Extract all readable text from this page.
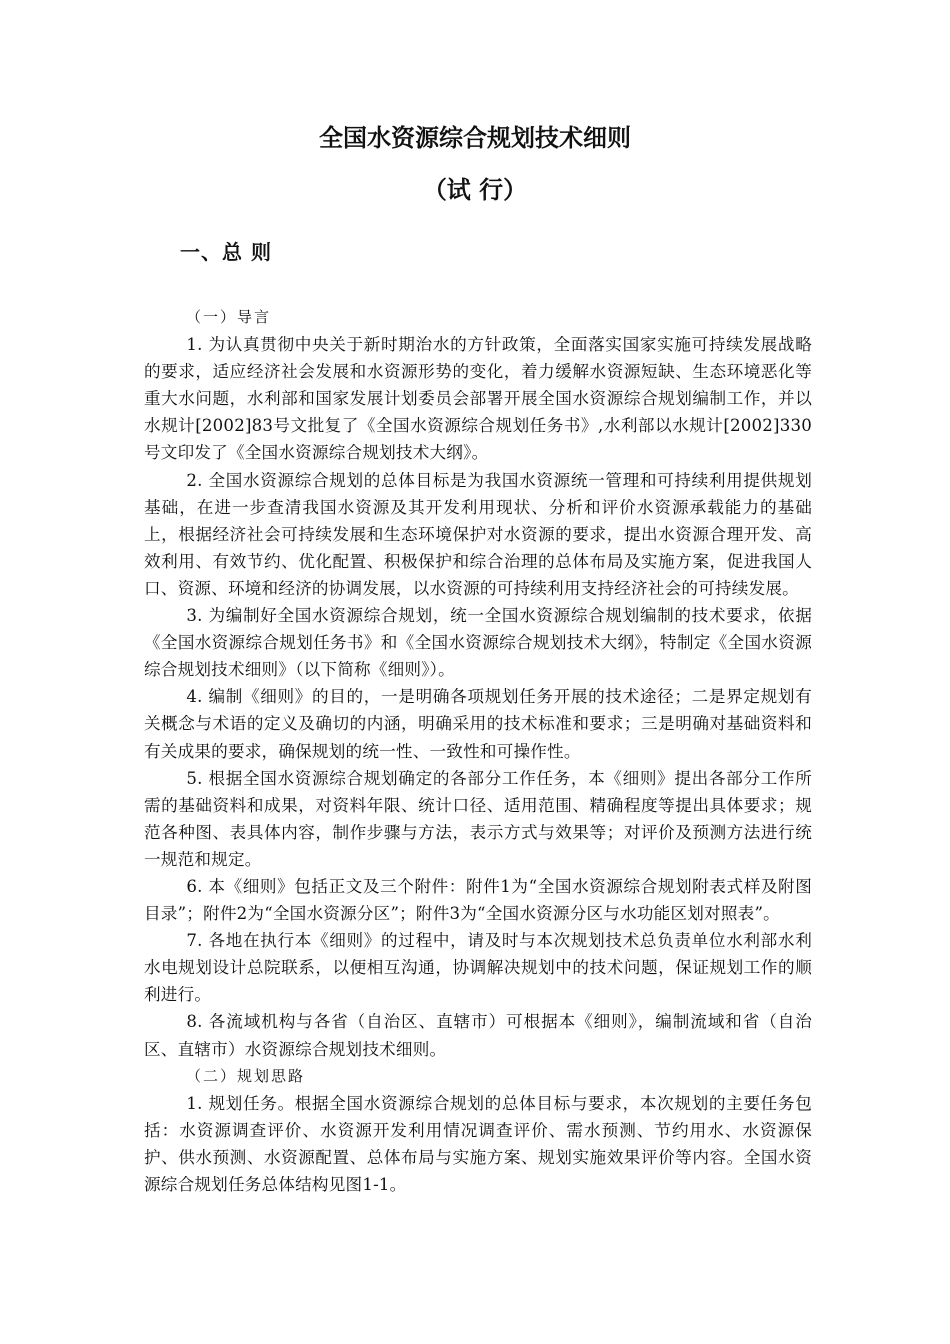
全国水资源综合规划技术细则
（试 行）
一、总 则

（一）导言

1. 为认真贯彻中央关于新时期治水的方针政策，全面落实国家实施可持续发展战略的要求，适应经济社会发展和水资源形势的变化，着力缓解水资源短缺、生态环境恶化等重大水问题，水利部和国家发展计划委员会部署开展全国水资源综合规划编制工作，并以水规计[2002]83号文批复了《全国水资源综合规划任务书》,水利部以水规计[2002]330号文印发了《全国水资源综合规划技术大纲》。

2. 全国水资源综合规划的总体目标是为我国水资源统一管理和可持续利用提供规划基础，在进一步查清我国水资源及其开发利用现状、分析和评价水资源承载能力的基础上，根据经济社会可持续发展和生态环境保护对水资源的要求，提出水资源合理开发、高效利用、有效节约、优化配置、积极保护和综合治理的总体布局及实施方案，促进我国人口、资源、环境和经济的协调发展，以水资源的可持续利用支持经济社会的可持续发展。

3. 为编制好全国水资源综合规划，统一全国水资源综合规划编制的技术要求，依据《全国水资源综合规划任务书》和《全国水资源综合规划技术大纲》，特制定《全国水资源综合规划技术细则》（以下简称《细则》）。

4. 编制《细则》的目的，一是明确各项规划任务开展的技术途径；二是界定规划有关概念与术语的定义及确切的内涵，明确采用的技术标准和要求；三是明确对基础资料和有关成果的要求，确保规划的统一性、一致性和可操作性。

5. 根据全国水资源综合规划确定的各部分工作任务，本《细则》提出各部分工作所需的基础资料和成果，对资料年限、统计口径、适用范围、精确程度等提出具体要求；规范各种图、表具体内容，制作步骤与方法，表示方式与效果等；对评价及预测方法进行统一规范和规定。

6. 本《细则》包括正文及三个附件：附件1为“全国水资源综合规划附表式样及附图目录”；附件2为“全国水资源分区”；附件3为“全国水资源分区与水功能区划对照表”。

7. 各地在执行本《细则》的过程中，请及时与本次规划技术总负责单位水利部水利水电规划设计总院联系，以便相互沟通，协调解决规划中的技术问题，保证规划工作的顺利进行。

8. 各流域机构与各省（自治区、直辖市）可根据本《细则》，编制流域和省（自治区、直辖市）水资源综合规划技术细则。

（二）规划思路

1. 规划任务。根据全国水资源综合规划的总体目标与要求，本次规划的主要任务包括：水资源调查评价、水资源开发利用情况调查评价、需水预测、节约用水、水资源保护、供水预测、水资源配置、总体布局与实施方案、规划实施效果评价等内容。全国水资源综合规划任务总体结构见图1-1。
